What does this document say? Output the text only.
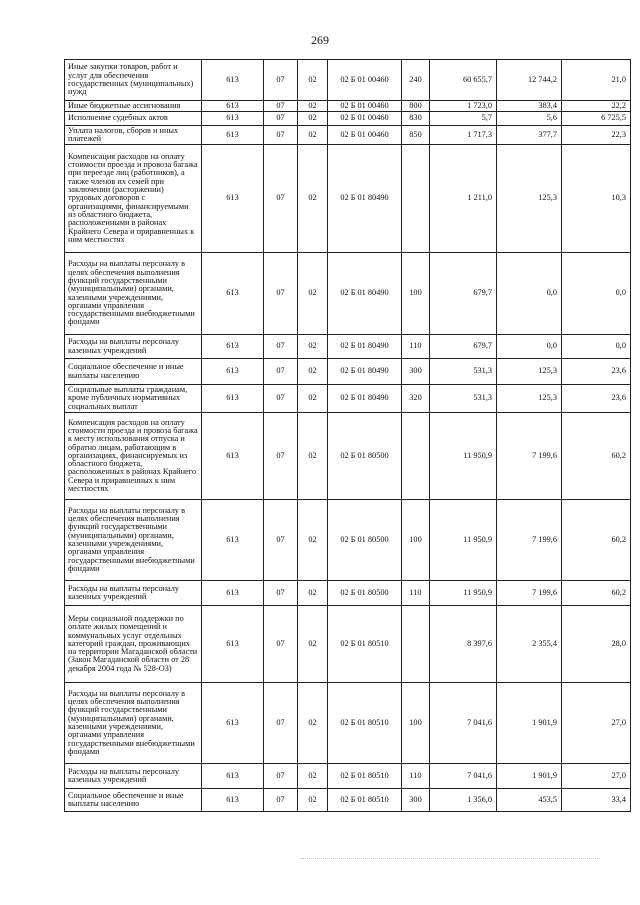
269
Иные закупки товаров, работ и услуг для обеспечения государственных (муниципальных) нужд	613	07	02	02 Б 01 00460	240	60 655,7	12 744,2	21,0
Иные бюджетные ассигнования	613	07	02	02 Б 01 00460	800	1 723,0	383,4	22,2
Исполнение судебных актов	613	07	02	02 Б 01 00460	830	5,7	5,6	6 725,5
Уплата налогов, сборов и иных платежей	613	07	02	02 Б 01 00460	850	1 717,3	377,7	22,3
Компенсация расходов на оплату стоимости проезда и провоза багажа при переезде лиц (работников), а также членов их семей при заключении (расторжении) трудовых договоров с организациями, финансируемыми из областного бюджета, расположенными в районах Крайнего Севера и приравненных к ним местностях	613	07	02	02 Б 01 80490		1 211,0	125,3	10,3
Расходы на выплаты персоналу в целях обеспечения выполнения функций государственными (муниципальными) органами, казенными учреждениями, органами управления государственными внебюджетными фондами	613	07	02	02 Б 01 80490	100	679,7	0,0	0,0
Расходы на выплаты персоналу казенных учреждений	613	07	02	02 Б 01 80490	110	679,7	0,0	0,0
Социальное обеспечение и иные выплаты населению	613	07	02	02 Б 01 80490	300	531,3	125,3	23,6
Социальные выплаты гражданам, кроме публичных нормативных социальных выплат	613	07	02	02 Б 01 80490	320	531,3	125,3	23,6
Компенсация расходов на оплату стоимости проезда и провоза багажа к месту использования отпуска и обратно лицам, работающим в организациях, финансируемых из областного бюджета, расположенных в районах Крайнего Севера и приравненных к ним местностях	613	07	02	02 Б 01 80500		11 950,9	7 199,6	60,2
Расходы на выплаты персоналу в целях обеспечения выполнения функций государственными (муниципальными) органами, казенными учреждениями, органами управления государственными внебюджетными фондами	613	07	02	02 Б 01 80500	100	11 950,9	7 199,6	60,2
Расходы на выплаты персоналу казенных учреждений	613	07	02	02 Б 01 80500	110	11 950,9	7 199,6	60,2
Меры социальной поддержки по оплате жилых помещений и коммунальных услуг отдельных категорий граждан, проживающих на территории Магаданской области (Закон Магаданской области от 28 декабря 2004 года № 528-ОЗ)	613	07	02	02 Б 01 80510		8 397,6	2 355,4	28,0
Расходы на выплаты персоналу в целях обеспечения выполнения функций государственными (муниципальными) органами, казенными учреждениями, органами управления государственными внебюджетными фондами	613	07	02	02 Б 01 80510	100	7 041,6	1 901,9	27,0
Расходы на выплаты персоналу казенных учреждений	613	07	02	02 Б 01 80510	110	7 041,6	1 901,9	27,0
Социальное обеспечение и иные выплаты населению	613	07	02	02 Б 01 80510	300	1 356,0	453,5	33,4
